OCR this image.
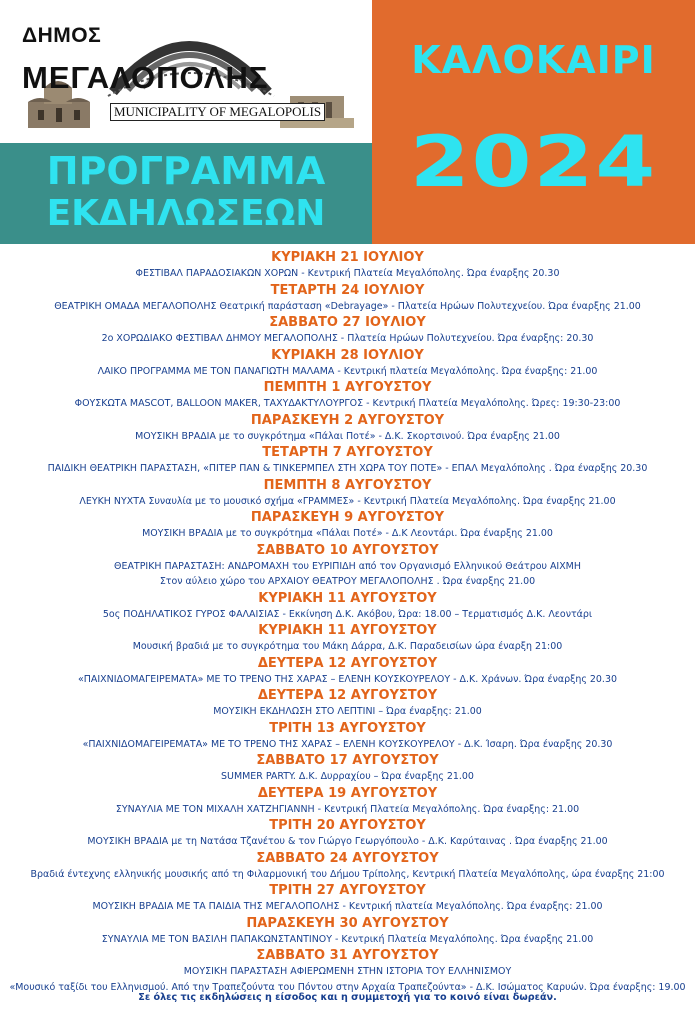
ΔΗΜΟΣ
ΜΕΓΑΛΟΠΟΛΗΣ
MUNICIPALITY OF MEGALOPOLIS
ΠΡΟΓΡΑΜΜΑ
ΕΚΔΗΛΩΣΕΩΝ
ΚΑΛΟΚΑΙΡΙ
2024
ΚΥΡΙΑΚΗ 21 ΙΟΥΛΙΟΥ
ΦΕΣΤΙΒΑΛ ΠΑΡΑΔΟΣΙΑΚΩΝ ΧΟΡΩΝ - Κεντρική Πλατεία Μεγαλόπολης. Ώρα έναρξης 20.30
ΤΕΤΑΡΤΗ 24 ΙΟΥΛΙΟΥ
ΘΕΑΤΡΙΚΗ ΟΜΑΔΑ ΜΕΓΑΛΟΠΟΛΗΣ Θεατρική παράσταση «Debrayage» - Πλατεία Ηρώων Πολυτεχνείου. Ώρα έναρξης 21.00
ΣΑΒΒΑΤΟ 27 ΙΟΥΛΙΟΥ
2ο ΧΟΡΩΔΙΑΚΟ ΦΕΣΤΙΒΑΛ ΔΗΜΟΥ ΜΕΓΑΛΟΠΟΛΗΣ - Πλατεία Ηρώων Πολυτεχνείου. Ώρα έναρξης: 20.30
ΚΥΡΙΑΚΗ 28 ΙΟΥΛΙΟΥ
ΛΑΙΚΟ ΠΡΟΓΡΑΜΜΑ ΜΕ ΤΟΝ ΠΑΝΑΓΙΩΤΗ ΜΑΛΑΜΑ - Κεντρική πλατεία Μεγαλόπολης. Ώρα έναρξης: 21.00
ΠΕΜΠΤΗ 1 ΑΥΓΟΥΣΤΟΥ
ΦΟΥΣΚΩΤΑ MASCOT, BALLOON MAKER, ΤΑΧΥΔΑΚΤΥΛΟΥΡΓΟΣ - Κεντρική Πλατεία Μεγαλόπολης. Ώρες: 19:30-23:00
ΠΑΡΑΣΚΕΥΗ 2 ΑΥΓΟΥΣΤΟΥ
ΜΟΥΣΙΚΗ ΒΡΑΔΙΑ με το συγκρότημα «Πάλαι Ποτέ» - Δ.Κ. Σκορτσινού. Ώρα έναρξης 21.00
ΤΕΤΑΡΤΗ 7 ΑΥΓΟΥΣΤΟΥ
ΠΑΙΔΙΚΗ ΘΕΑΤΡΙΚΗ ΠΑΡΑΣΤΑΣΗ, «ΠΙΤΕΡ ΠΑΝ & ΤΙΝΚΕΡΜΠΕΛ ΣΤΗ ΧΩΡΑ ΤΟΥ ΠΟΤΕ» - ΕΠΑΛ Μεγαλόπολης . Ώρα έναρξης 20.30
ΠΕΜΠΤΗ 8 ΑΥΓΟΥΣΤΟΥ
ΛΕΥΚΗ ΝΥΧΤΑ Συναυλία με το μουσικό σχήμα «ΓΡΑΜΜΕΣ» - Κεντρική Πλατεία Μεγαλόπολης. Ώρα έναρξης 21.00
ΠΑΡΑΣΚΕΥΗ 9 ΑΥΓΟΥΣΤΟΥ
ΜΟΥΣΙΚΗ ΒΡΑΔΙΑ με το συγκρότημα «Πάλαι Ποτέ» - Δ.Κ Λεοντάρι. Ώρα έναρξης 21.00
ΣΑΒΒΑΤΟ 10 ΑΥΓΟΥΣΤΟΥ
ΘΕΑΤΡΙΚΗ ΠΑΡΑΣΤΑΣΗ: ΑΝΔΡΟΜΑΧΗ του ΕΥΡΙΠΙΔΗ από τον Οργανισμό Ελληνικού Θεάτρου ΑΙΧΜΗ
Στον αύλειο χώρο του ΑΡΧΑΙΟΥ ΘΕΑΤΡΟΥ ΜΕΓΑΛΟΠΟΛΗΣ . Ώρα έναρξης 21.00
ΚΥΡΙΑΚΗ 11 ΑΥΓΟΥΣΤΟΥ
5ος ΠΟΔΗΛΑΤΙΚΟΣ ΓΥΡΟΣ ΦΑΛΑΙΣΙΑΣ - Εκκίνηση Δ.Κ. Ακόβου, Ώρα: 18.00 – Τερματισμός Δ.Κ. Λεοντάρι
ΚΥΡΙΑΚΗ 11 ΑΥΓΟΥΣΤΟΥ
Μουσική βραδιά με το συγκρότημα του Μάκη Δάρρα, Δ.Κ. Παραδεισίων ώρα έναρξη 21:00
ΔΕΥΤΕΡΑ 12 ΑΥΓΟΥΣΤΟΥ
«ΠΑΙΧΝΙΔΟΜΑΓΕΙΡΕΜΑΤΑ» ΜΕ ΤΟ ΤΡΕΝΟ ΤΗΣ ΧΑΡΑΣ – ΕΛΕΝΗ ΚΟΥΣΚΟΥΡΕΛΟΥ - Δ.Κ. Χράνων. Ώρα έναρξης 20.30
ΔΕΥΤΕΡΑ 12 ΑΥΓΟΥΣΤΟΥ
ΜΟΥΣΙΚΗ ΕΚΔΗΛΩΣΗ ΣΤΟ ΛΕΠΤΙΝΙ – Ώρα έναρξης: 21.00
ΤΡΙΤΗ 13 ΑΥΓΟΥΣΤΟΥ
«ΠΑΙΧΝΙΔΟΜΑΓΕΙΡΕΜΑΤΑ» ΜΕ ΤΟ ΤΡΕΝΟ ΤΗΣ ΧΑΡΑΣ – ΕΛΕΝΗ ΚΟΥΣΚΟΥΡΕΛΟΥ - Δ.Κ. Ίσαρη. Ώρα έναρξης 20.30
ΣΑΒΒΑΤΟ 17 ΑΥΓΟΥΣΤΟΥ
SUMMER PARTY. Δ.Κ. Δυρραχίου – Ώρα έναρξης 21.00
ΔΕΥΤΕΡΑ 19 ΑΥΓΟΥΣΤΟΥ
ΣΥΝΑΥΛΙΑ ΜΕ ΤΟΝ ΜΙΧΑΛΗ ΧΑΤΖΗΓΙΑΝΝΗ - Κεντρική Πλατεία Μεγαλόπολης. Ώρα έναρξης: 21.00
ΤΡΙΤΗ 20 ΑΥΓΟΥΣΤΟΥ
ΜΟΥΣΙΚΗ ΒΡΑΔΙΑ με τη Νατάσα Τζανέτου & τον Γιώργο Γεωργόπουλο - Δ.Κ. Καρύταινας . Ώρα έναρξης 21.00
ΣΑΒΒΑΤΟ 24 ΑΥΓΟΥΣΤΟΥ
Βραδιά έντεχνης ελληνικής μουσικής από τη Φιλαρμονική του Δήμου Τρίπολης, Κεντρική Πλατεία Μεγαλόπολης, ώρα έναρξης 21:00
ΤΡΙΤΗ 27 ΑΥΓΟΥΣΤΟΥ
ΜΟΥΣΙΚΗ ΒΡΑΔΙΑ ΜΕ ΤΑ ΠΑΙΔΙΑ ΤΗΣ ΜΕΓΑΛΟΠΟΛΗΣ - Κεντρική πλατεία Μεγαλόπολης. Ώρα έναρξης: 21.00
ΠΑΡΑΣΚΕΥΗ 30 ΑΥΓΟΥΣΤΟΥ
ΣΥΝΑΥΛΙΑ ΜΕ ΤΟΝ ΒΑΣΙΛΗ ΠΑΠΑΚΩΝΣΤΑΝΤΙΝΟΥ - Κεντρική Πλατεία Μεγαλόπολης. Ώρα έναρξης 21.00
ΣΑΒΒΑΤΟ 31 ΑΥΓΟΥΣΤΟΥ
ΜΟΥΣΙΚΗ ΠΑΡΑΣΤΑΣΗ ΑΦΙΕΡΩΜΕΝΗ ΣΤΗΝ ΙΣΤΟΡΙΑ ΤΟΥ ΕΛΛΗΝΙΣΜΟΥ
«Μουσικό ταξίδι του Ελληνισμού. Από την Τραπεζούντα του Πόντου στην Αρχαία Τραπεζούντα» - Δ.Κ. Ισώματος Καρυών. Ώρα έναρξης: 19.00
Σε όλες τις εκδηλώσεις η είσοδος και η συμμετοχή για το κοινό είναι δωρεάν.
